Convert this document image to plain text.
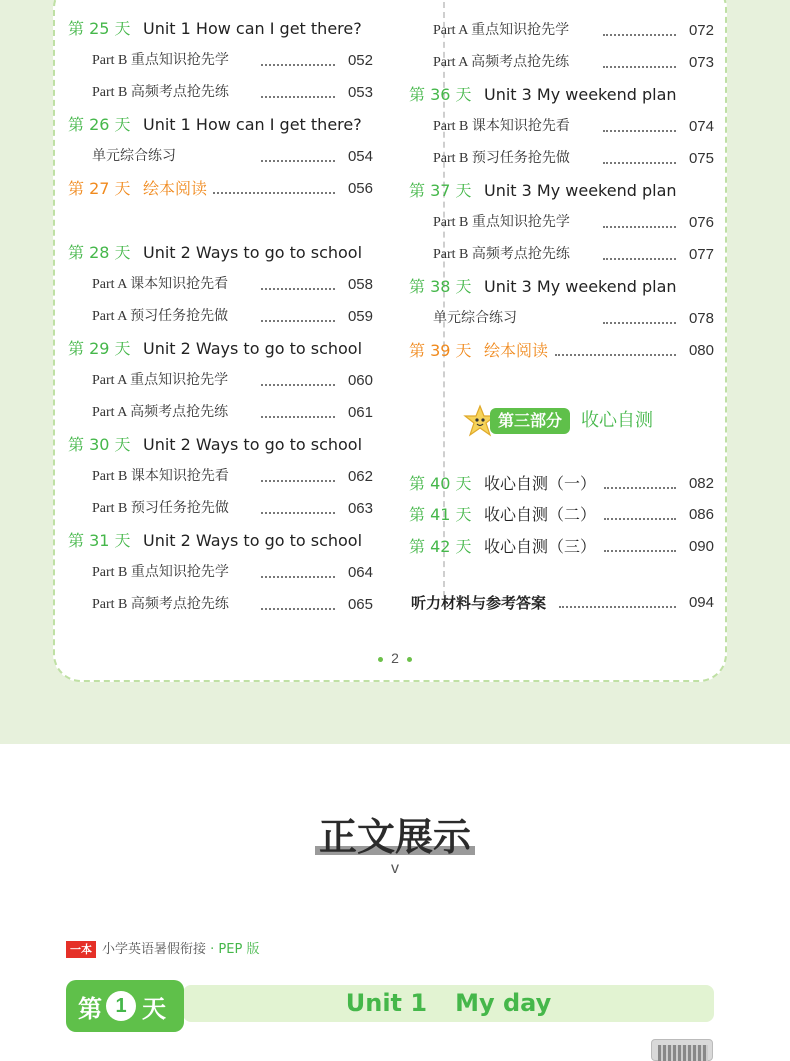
第 25 天 Unit 1 How can I get there?
Part B 重点知识抢先学	052
Part B 高频考点抢先练	053
第 26 天 Unit 1 How can I get there?
单元综合练习	054
第 27 天 绘本阅读	056
第 28 天 Unit 2 Ways to go to school
Part A 课本知识抢先看	058
Part A 预习任务抢先做	059
第 29 天 Unit 2 Ways to go to school
Part A 重点知识抢先学	060
Part A 高频考点抢先练	061
第 30 天 Unit 2 Ways to go to school
Part B 课本知识抢先看	062
Part B 预习任务抢先做	063
第 31 天 Unit 2 Ways to go to school
Part B 重点知识抢先学	064
Part B 高频考点抢先练	065
Part A 重点知识抢先学	072
Part A 高频考点抢先练	073
第 36 天 Unit 3 My weekend plan
Part B 课本知识抢先看	074
Part B 预习任务抢先做	075
第 37 天 Unit 3 My weekend plan
Part B 重点知识抢先学	076
Part B 高频考点抢先练	077
第 38 天 Unit 3 My weekend plan
单元综合练习	078
第 39 天 绘本阅读	080
第 40 天 收心自测（一）	082
第 41 天 收心自测（二）	086
第 42 天 收心自测（三）	090
听力材料与参考答案	094
第三部分	收心自测
2
正文展示
v
一本 小学英语暑假衔接 · PEP 版
Unit 1 My day
第 1 天
